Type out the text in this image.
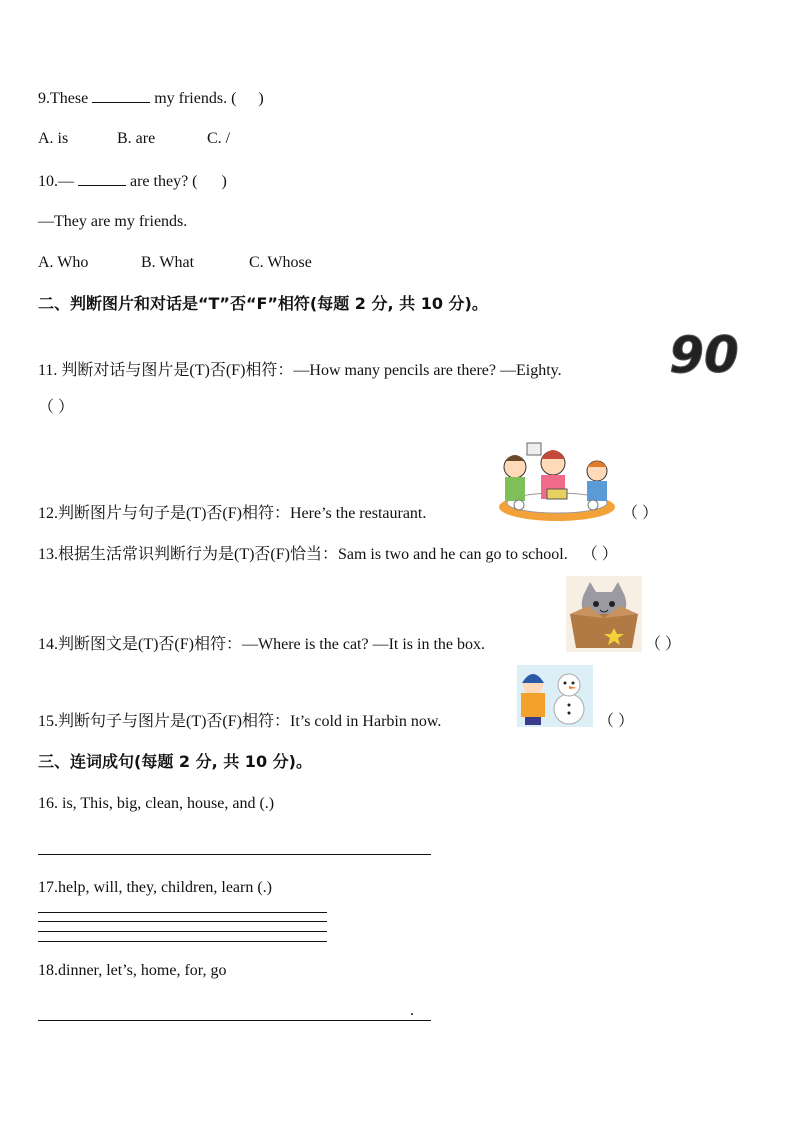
9.These	my friends. ( )
A. is	B. are	C. /
10.—	are they? ( )
—They are my friends.
A. Who	B. What	C. Whose
二、判断图片和对话是“T”否“F”相符(每题 2 分, 共 10 分)。
11. 判断对话与图片是(T)否(F)相符：—How many pencils are there? —Eighty.
（ ）
90
12.判断图片与句子是(T)否(F)相符：Here’s the restaurant.	（ ）
13.根据生活常识判断行为是(T)否(F)恰当：Sam is two and he can go to school. （ ）
14.判断图文是(T)否(F)相符：—Where is the cat? —It is in the box.	（ ）
15.判断句子与图片是(T)否(F)相符：It’s cold in Harbin now.	（ ）
三、连词成句(每题 2 分, 共 10 分)。
16. is, This, big, clean, house, and (.)
17.help, will, they, children, learn (.)
18.dinner, let’s, home, for, go
.
